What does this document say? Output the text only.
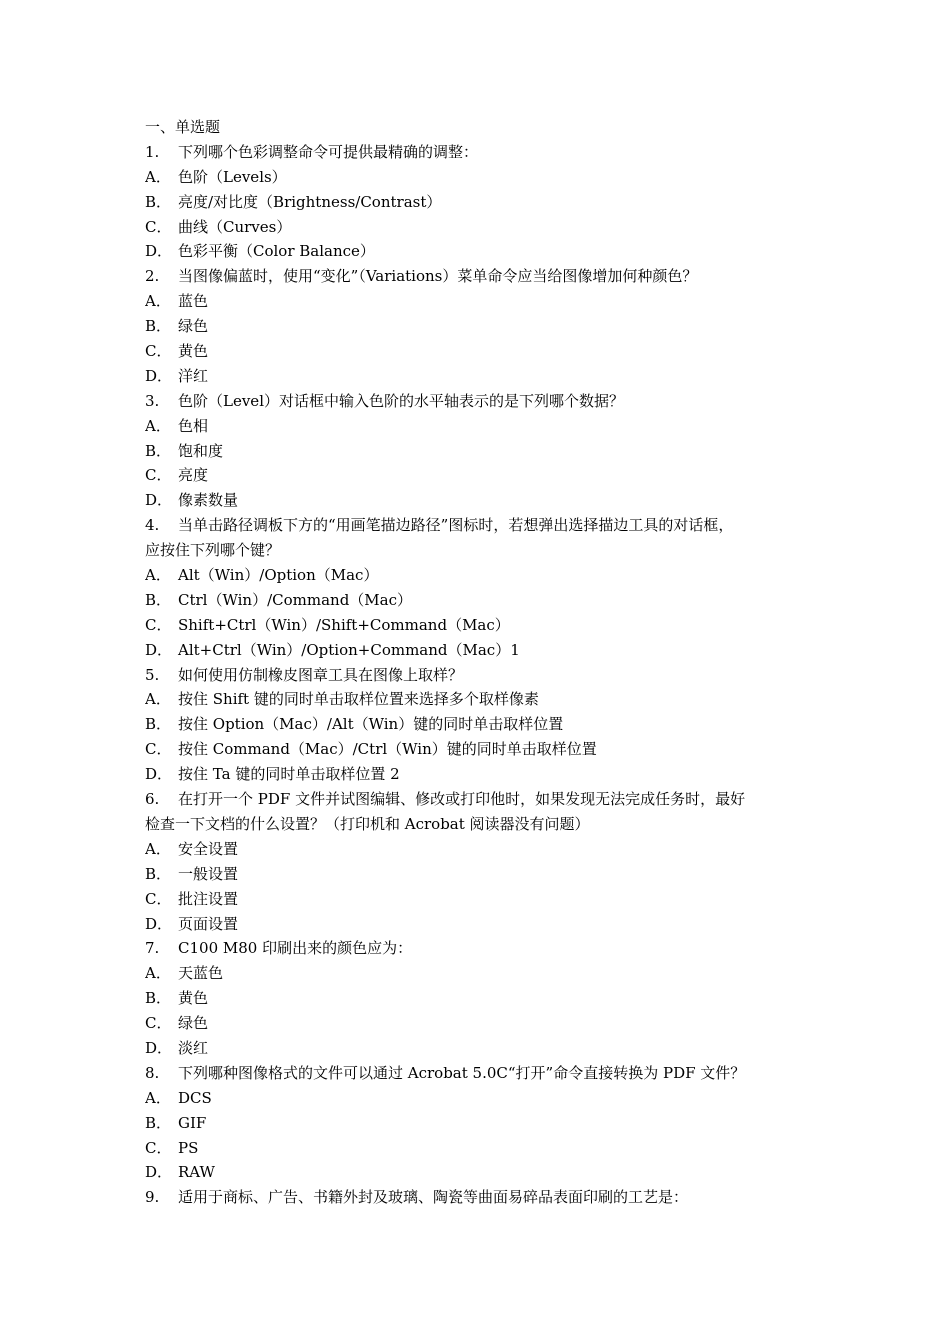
一、单选题
1. 下列哪个色彩调整命令可提供最精确的调整：
A． 色阶（Levels）
B． 亮度/对比度（Brightness/Contrast）
C． 曲线（Curves）
D． 色彩平衡（Color Balance）
2. 当图像偏蓝时，使用“变化”（Variations）菜单命令应当给图像增加何种颜色？
A． 蓝色
B． 绿色
C． 黄色
D． 洋红
3. 色阶（Level）对话框中输入色阶的水平轴表示的是下列哪个数据？
A． 色相
B． 饱和度
C． 亮度
D． 像素数量
4. 当单击路径调板下方的“用画笔描边路径”图标时，若想弹出选择描边工具的对话框，
应按住下列哪个键？
A． Alt（Win）/Option（Mac）
B． Ctrl（Win）/Command（Mac）
C． Shift+Ctrl（Win）/Shift+Command（Mac）
D． Alt+Ctrl（Win）/Option+Command（Mac）1
5. 如何使用仿制橡皮图章工具在图像上取样？
A． 按住 Shift 键的同时单击取样位置来选择多个取样像素
B． 按住 Option（Mac）/Alt（Win）键的同时单击取样位置
C． 按住 Command（Mac）/Ctrl（Win）键的同时单击取样位置
D． 按住 Ta 键的同时单击取样位置 2
6. 在打开一个 PDF 文件并试图编辑、修改或打印他时，如果发现无法完成任务时，最好
检查一下文档的什么设置？（打印机和 Acrobat 阅读器没有问题）
A． 安全设置
B． 一般设置
C． 批注设置
D． 页面设置
7. C100 M80 印刷出来的颜色应为：
A． 天蓝色
B． 黄色
C． 绿色
D． 淡红
8. 下列哪种图像格式的文件可以通过 Acrobat 5.0C“打开”命令直接转换为 PDF 文件？
A． DCS
B． GIF
C． PS
D． RAW
9. 适用于商标、广告、书籍外封及玻璃、陶瓷等曲面易碎品表面印刷的工艺是：
